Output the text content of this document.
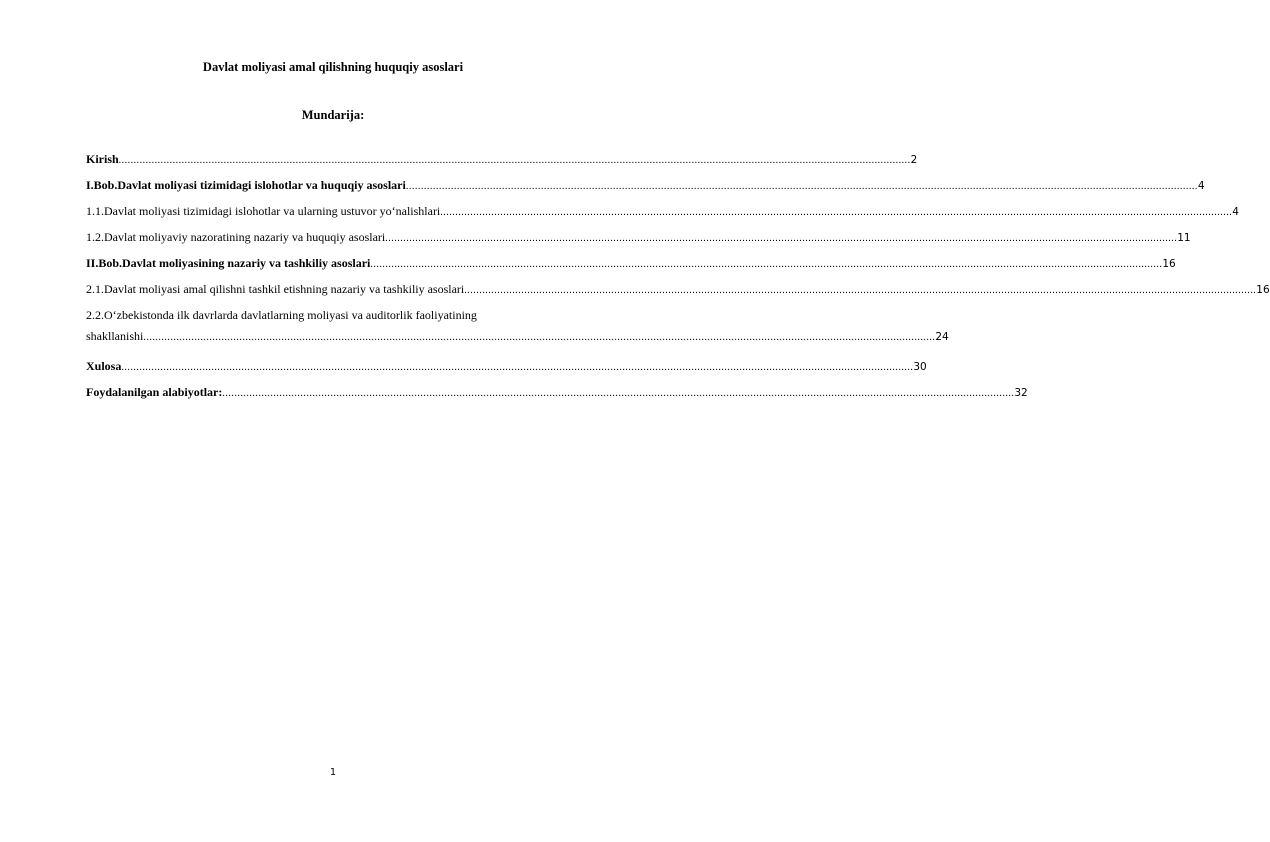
Davlat moliyasi amal qilishning huquqiy asoslari
Mundarija:
Kirish .....	2
I.Bob.Davlat moliyasi tizimidagi islohotlar va huquqiy asoslari .....	4
1.1.Davlat moliyasi tizimidagi islohotlar va ularning ustuvor yo‘nalishlari .....	4
1.2.Davlat moliyaviy nazoratining nazariy va huquqiy asoslari .....	11
II.Bob.Davlat moliyasining nazariy va tashkiliy asoslari .....	16
2.1.Davlat moliyasi amal qilishni tashkil etishning nazariy va tashkiliy asoslari .....	16
2.2.O‘zbekistonda ilk davrlarda davlatlarning moliyasi va auditorlik faoliyatining
shakllanishi .....	24
Xulosa .....	30
Foydalanilgan alabiyotlar: .....	32
1
